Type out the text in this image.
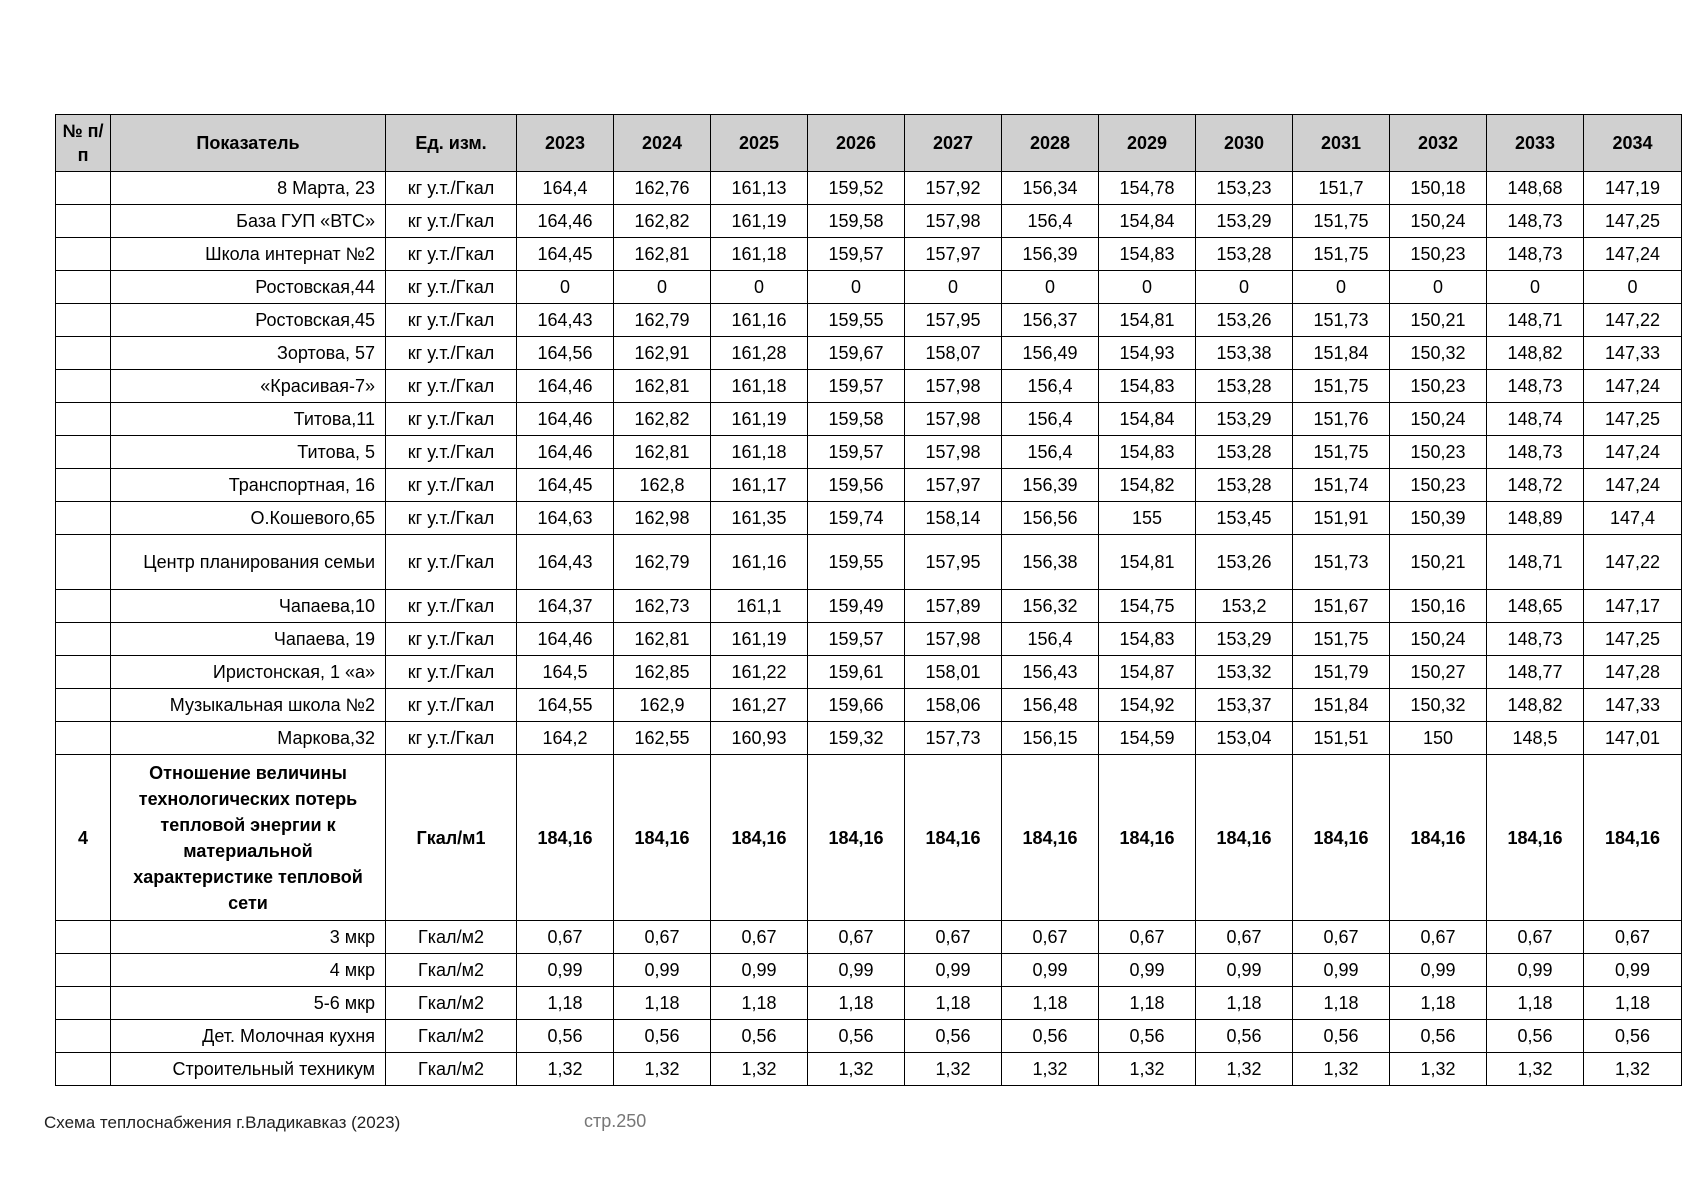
№ п/п	Показатель	Ед. изм.	2023	2024	2025	2026	2027	2028	2029	2030	2031	2032	2033	2034
	8 Марта, 23	кг у.т./Гкал	164,4	162,76	161,13	159,52	157,92	156,34	154,78	153,23	151,7	150,18	148,68	147,19
	База ГУП «ВТС»	кг у.т./Гкал	164,46	162,82	161,19	159,58	157,98	156,4	154,84	153,29	151,75	150,24	148,73	147,25
	Школа интернат №2	кг у.т./Гкал	164,45	162,81	161,18	159,57	157,97	156,39	154,83	153,28	151,75	150,23	148,73	147,24
	Ростовская,44	кг у.т./Гкал	0	0	0	0	0	0	0	0	0	0	0	0
	Ростовская,45	кг у.т./Гкал	164,43	162,79	161,16	159,55	157,95	156,37	154,81	153,26	151,73	150,21	148,71	147,22
	Зортова, 57	кг у.т./Гкал	164,56	162,91	161,28	159,67	158,07	156,49	154,93	153,38	151,84	150,32	148,82	147,33
	«Красивая-7»	кг у.т./Гкал	164,46	162,81	161,18	159,57	157,98	156,4	154,83	153,28	151,75	150,23	148,73	147,24
	Титова,11	кг у.т./Гкал	164,46	162,82	161,19	159,58	157,98	156,4	154,84	153,29	151,76	150,24	148,74	147,25
	Титова, 5	кг у.т./Гкал	164,46	162,81	161,18	159,57	157,98	156,4	154,83	153,28	151,75	150,23	148,73	147,24
	Транспортная, 16	кг у.т./Гкал	164,45	162,8	161,17	159,56	157,97	156,39	154,82	153,28	151,74	150,23	148,72	147,24
	О.Кошевого,65	кг у.т./Гкал	164,63	162,98	161,35	159,74	158,14	156,56	155	153,45	151,91	150,39	148,89	147,4
	Центр планирования семьи	кг у.т./Гкал	164,43	162,79	161,16	159,55	157,95	156,38	154,81	153,26	151,73	150,21	148,71	147,22
	Чапаева,10	кг у.т./Гкал	164,37	162,73	161,1	159,49	157,89	156,32	154,75	153,2	151,67	150,16	148,65	147,17
	Чапаева, 19	кг у.т./Гкал	164,46	162,81	161,19	159,57	157,98	156,4	154,83	153,29	151,75	150,24	148,73	147,25
	Иристонская, 1 «а»	кг у.т./Гкал	164,5	162,85	161,22	159,61	158,01	156,43	154,87	153,32	151,79	150,27	148,77	147,28
	Музыкальная школа №2	кг у.т./Гкал	164,55	162,9	161,27	159,66	158,06	156,48	154,92	153,37	151,84	150,32	148,82	147,33
	Маркова,32	кг у.т./Гкал	164,2	162,55	160,93	159,32	157,73	156,15	154,59	153,04	151,51	150	148,5	147,01
4	Отношение величины технологических потерь тепловой энергии к материальной характеристике тепловой сети	Гкал/м1	184,16	184,16	184,16	184,16	184,16	184,16	184,16	184,16	184,16	184,16	184,16	184,16
	3 мкр	Гкал/м2	0,67	0,67	0,67	0,67	0,67	0,67	0,67	0,67	0,67	0,67	0,67	0,67
	4 мкр	Гкал/м2	0,99	0,99	0,99	0,99	0,99	0,99	0,99	0,99	0,99	0,99	0,99	0,99
	5-6 мкр	Гкал/м2	1,18	1,18	1,18	1,18	1,18	1,18	1,18	1,18	1,18	1,18	1,18	1,18
	Дет. Молочная кухня	Гкал/м2	0,56	0,56	0,56	0,56	0,56	0,56	0,56	0,56	0,56	0,56	0,56	0,56
	Строительный техникум	Гкал/м2	1,32	1,32	1,32	1,32	1,32	1,32	1,32	1,32	1,32	1,32	1,32	1,32
Схема теплоснабжения г.Владикавказ (2023)	стр.250
